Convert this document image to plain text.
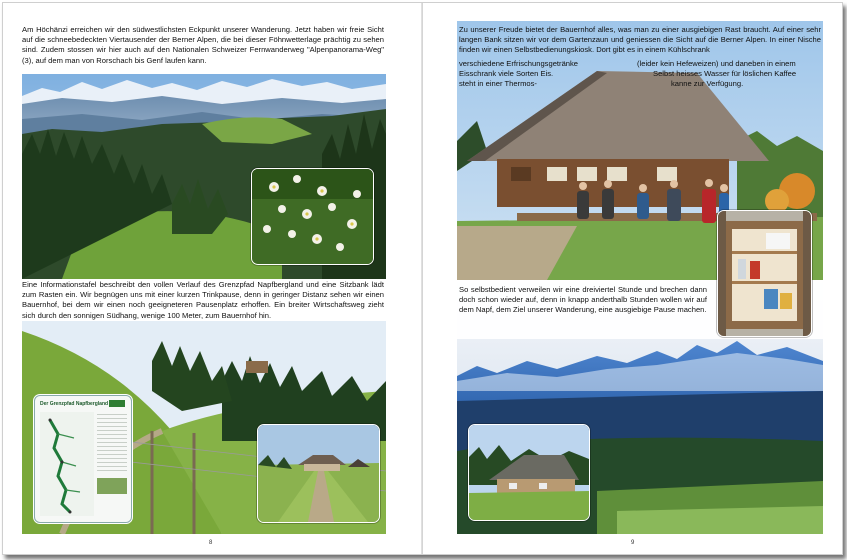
Am Höchänzi erreichen wir den südwestlichsten Eckpunkt unserer Wanderung. Jetzt haben wir freie Sicht auf die schneebedeckten Viertausender der Berner Alpen, die bei dieser Föhnwetterlage prächtig zu sehen sind. Zudem stossen wir hier auch auf den Nationalen Schweizer Fernwanderweg "Alpenpanorama-Weg" (3), auf dem man von Rorschach bis Genf laufen kann.
Eine Informationstafel beschreibt den vollen Verlauf des Grenzpfad Napfbergland und eine Sitzbank lädt zum Rasten ein. Wir begnügen uns mit einer kurzen Trinkpause, denn in geringer Distanz sehen wir einen Bauernhof, bei dem wir einen noch geeigneteren Pausenplatz erhoffen. Ein breiter Wirtschaftsweg zieht sich durch den sonnigen Südhang, wenige 100 Meter, zum Bauernhof hin.
Der Grenzpfad Napfbergland
8
Zu unserer Freude bietet der Bauernhof alles, was man zu einer ausgiebigen Rast braucht. Auf einer sehr langen Bank sitzen wir vor dem Gartenzaun und geniessen die Sicht auf die Berner Alpen. In einer Nische finden wir einen Selbstbedienungskiosk. Dort gibt es in einem Kühlschrank
verschiedene Erfrischungsgetränke	(leider kein Hefeweizen) und daneben in einem
Eisschrank viele Sorten Eis.	Selbst heisses Wasser für löslichen Kaffee
steht in einer Thermos-	kanne zur Verfügung.
So selbstbedient verweilen wir eine dreiviertel Stunde und brechen dann doch schon wieder auf, denn in knapp anderthalb Stunden wollen wir auf dem Napf, dem Ziel unserer Wanderung, eine ausgiebige Pause machen.
9
